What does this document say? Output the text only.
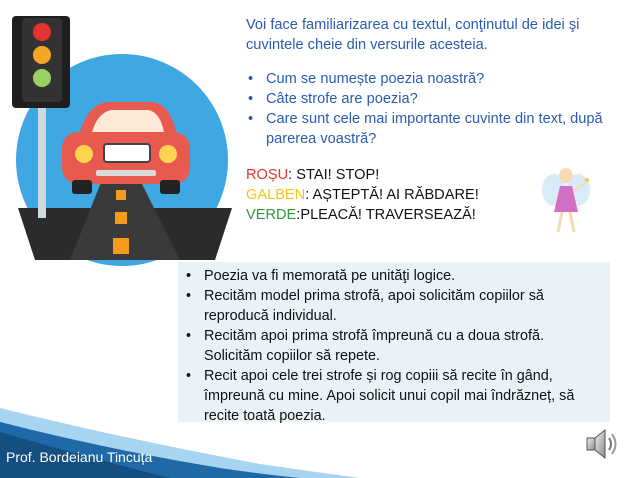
Voi face familiarizarea cu textul, conţinutul de idei şi cuvintele cheie din versurile acesteia.

• Cum se numește poezia noastră?
• Câte strofe are poezia?
• Care sunt cele mai importante cuvinte din text, după parerea voastră?
ROȘU: STAI! STOP!
GALBEN: AȘTEPTĂ! AI RĂBDARE!
VERDE:PLEACĂ! TRAVERSEAZĂ!
• Poezia va fi memorată pe unităţi logice.
• Recităm model prima strofă, apoi solicităm copiilor să reproducă individual.
• Recităm apoi prima strofă împreună cu a doua strofă. Solicităm copiilor să repete.
• Recit apoi cele trei strofe și rog copiii să recite în gând, împreună cu mine. Apoi solicit unui copil mai îndrăzneț, să recite toată poezia.
Prof. Bordeianu Tincuța
